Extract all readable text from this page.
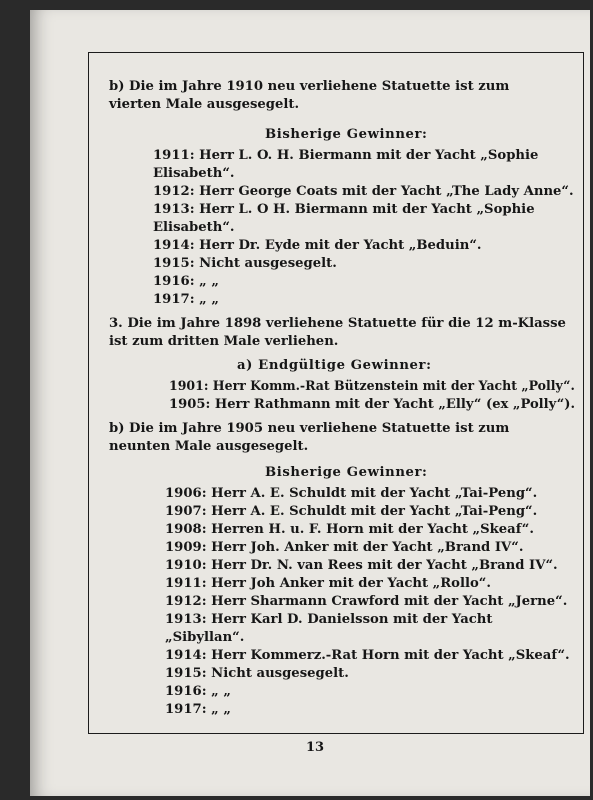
b) Die im Jahre 1910 neu verliehene Statuette ist zum
vierten Male ausgesegelt.
Bisherige Gewinner:
1911: Herr L. O. H. Biermann mit der Yacht „Sophie
Elisabeth“.
1912: Herr George Coats mit der Yacht „The Lady Anne“.
1913: Herr L. O H. Biermann mit der Yacht „Sophie
Elisabeth“.
1914: Herr Dr. Eyde mit der Yacht „Beduin“.
1915: Nicht ausgesegelt.
1916: „ „
1917: „ „
3. Die im Jahre 1898 verliehene Statuette für die 12 m-Klasse
ist zum dritten Male verliehen.
a) Endgültige Gewinner:
1901: Herr Komm.-Rat Bützenstein mit der Yacht „Polly“.
1905: Herr Rathmann mit der Yacht „Elly“ (ex „Polly“).
b) Die im Jahre 1905 neu verliehene Statuette ist zum
neunten Male ausgesegelt.
Bisherige Gewinner:
1906: Herr A. E. Schuldt mit der Yacht „Tai-Peng“.
1907: Herr A. E. Schuldt mit der Yacht „Tai-Peng“.
1908: Herren H. u. F. Horn mit der Yacht „Skeaf“.
1909: Herr Joh. Anker mit der Yacht „Brand IV“.
1910: Herr Dr. N. van Rees mit der Yacht „Brand IV“.
1911: Herr Joh Anker mit der Yacht „Rollo“.
1912: Herr Sharmann Crawford mit der Yacht „Jerne“.
1913: Herr Karl D. Danielsson mit der Yacht
„Sibyllan“.
1914: Herr Kommerz.-Rat Horn mit der Yacht „Skeaf“.
1915: Nicht ausgesegelt.
1916: „ „
1917: „ „
13
